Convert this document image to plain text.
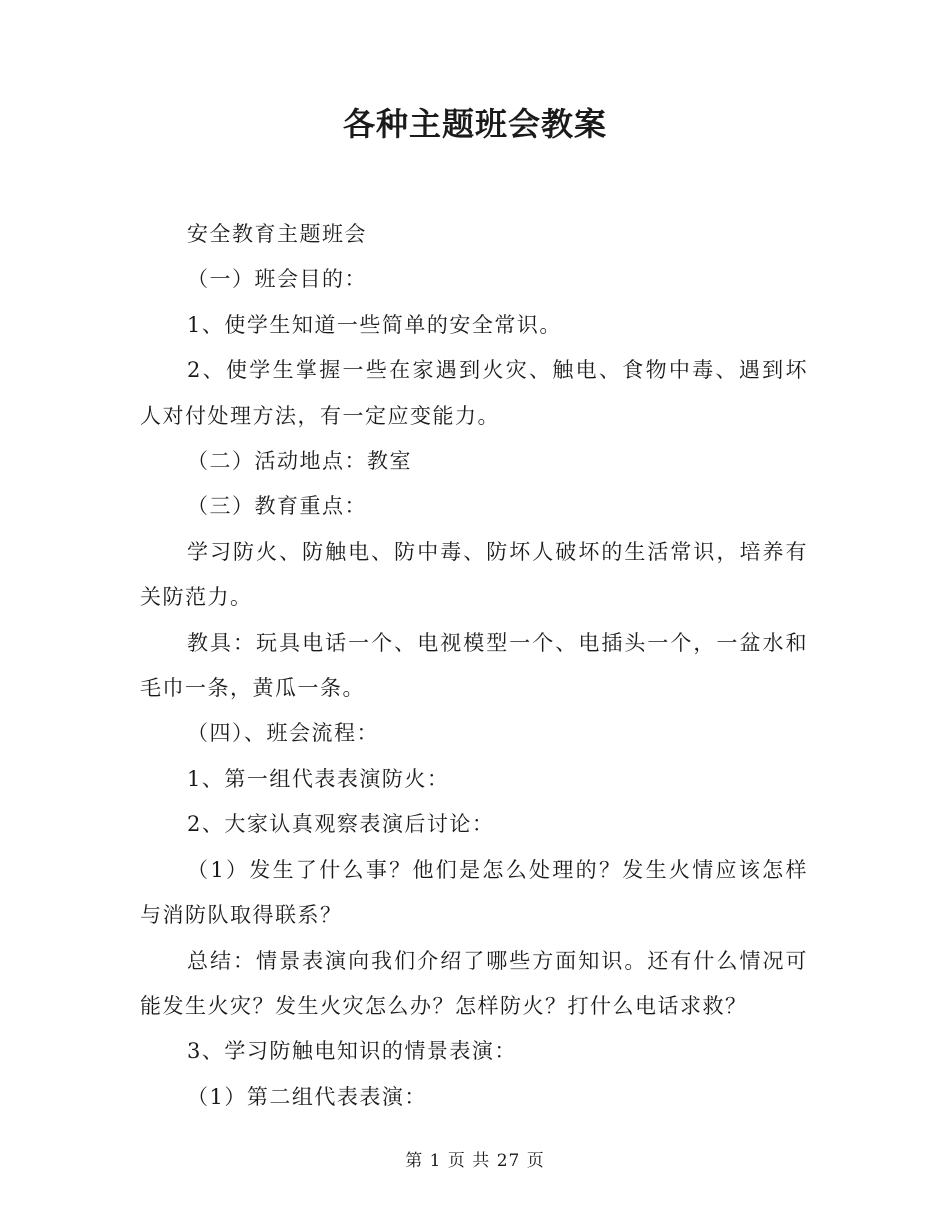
各种主题班会教案

安全教育主题班会

（一）班会目的：

1、使学生知道一些简单的安全常识。

2、使学生掌握一些在家遇到火灾、触电、食物中毒、遇到坏人对付处理方法，有一定应变能力。

（二）活动地点：教室

（三）教育重点：

学习防火、防触电、防中毒、防坏人破坏的生活常识，培养有关防范力。

教具：玩具电话一个、电视模型一个、电插头一个，一盆水和毛巾一条，黄瓜一条。

（四）、班会流程：

1、第一组代表表演防火：

2、大家认真观察表演后讨论：

（1）发生了什么事？他们是怎么处理的？发生火情应该怎样与消防队取得联系？

总结：情景表演向我们介绍了哪些方面知识。还有什么情况可能发生火灾？发生火灾怎么办？怎样防火？打什么电话求救？

3、学习防触电知识的情景表演：

（1）第二组代表表演：

第 1 页 共 27 页
